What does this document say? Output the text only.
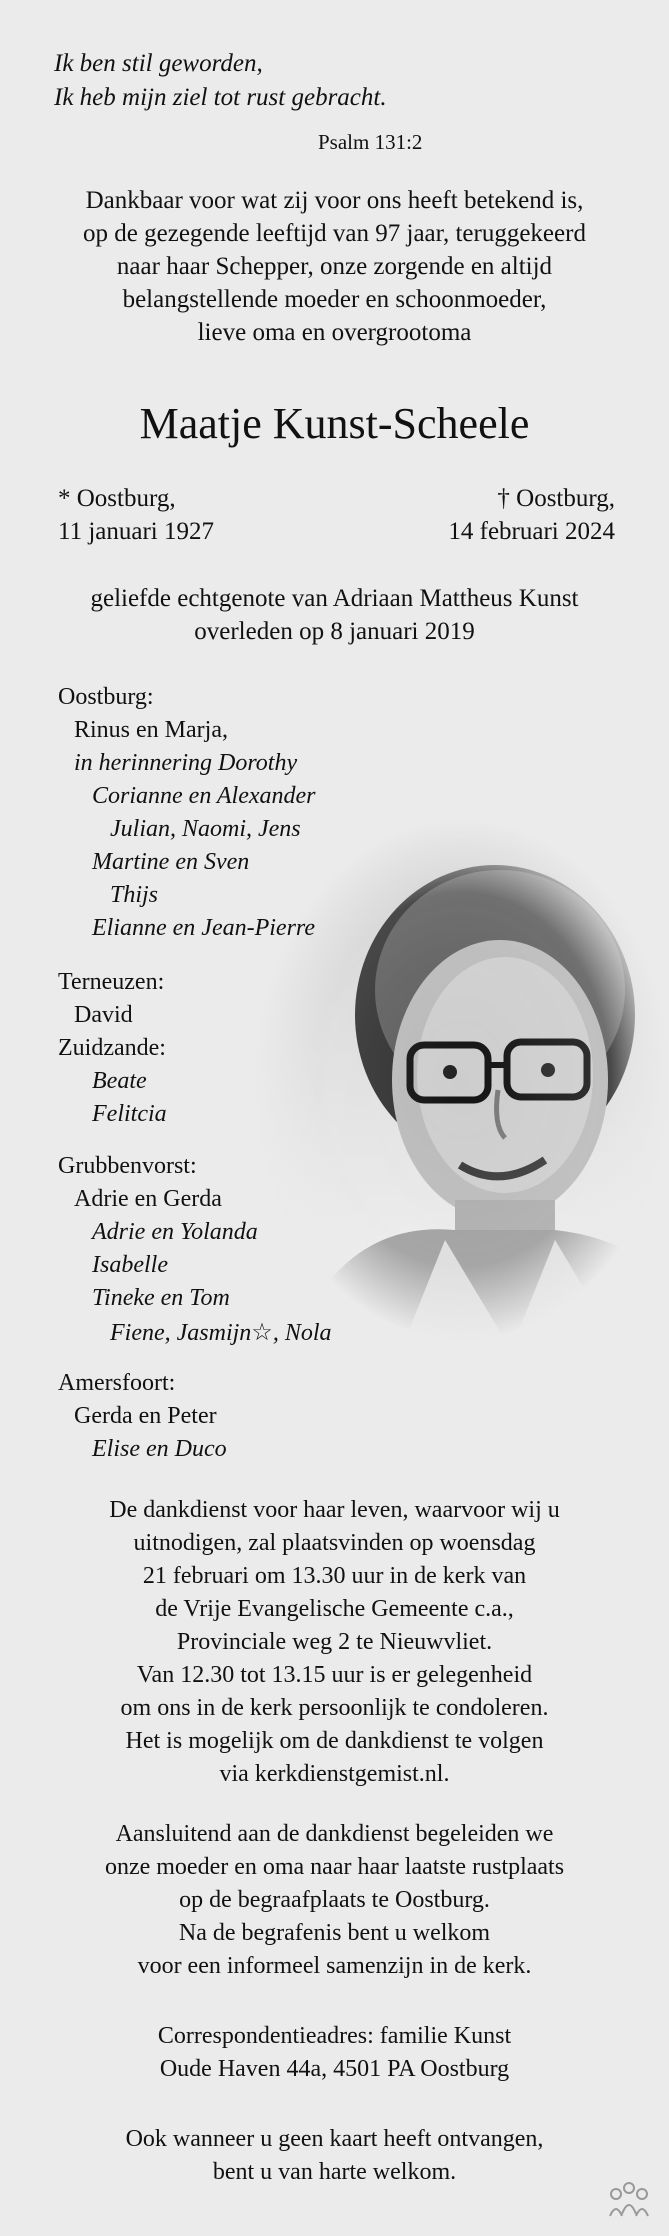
Ik ben stil geworden,
Ik heb mijn ziel tot rust gebracht.
Psalm 131:2
Dankbaar voor wat zij voor ons heeft betekend is,
op de gezegende leeftijd van 97 jaar, teruggekeerd
naar haar Schepper, onze zorgende en altijd
belangstellende moeder en schoonmoeder,
lieve oma en overgrootoma
Maatje Kunst-Scheele
* Oostburg,
11 januari 1927
† Oostburg,
14 februari 2024
geliefde echtgenote van Adriaan Mattheus Kunst
overleden op 8 januari 2019
Oostburg:
Rinus en Marja,
in herinnering Dorothy
Corianne en Alexander
Julian, Naomi, Jens
Martine en Sven
Thijs
Elianne en Jean-Pierre
Terneuzen:
David
Zuidzande:
Beate
Felitcia
Grubbenvorst:
Adrie en Gerda
Adrie en Yolanda
Isabelle
Tineke en Tom
Fiene, Jasmijn☆, Nola
Amersfoort:
Gerda en Peter
Elise en Duco
De dankdienst voor haar leven, waarvoor wij u
uitnodigen, zal plaatsvinden op woensdag
21 februari om 13.30 uur in de kerk van
de Vrije Evangelische Gemeente c.a.,
Provinciale weg 2 te Nieuwvliet.
Van 12.30 tot 13.15 uur is er gelegenheid
om ons in de kerk persoonlijk te condoleren.
Het is mogelijk om de dankdienst te volgen
via kerkdienstgemist.nl.
Aansluitend aan de dankdienst begeleiden we
onze moeder en oma naar haar laatste rustplaats
op de begraafplaats te Oostburg.
Na de begrafenis bent u welkom
voor een informeel samenzijn in de kerk.
Correspondentieadres: familie Kunst
Oude Haven 44a, 4501 PA Oostburg
Ook wanneer u geen kaart heeft ontvangen,
bent u van harte welkom.
